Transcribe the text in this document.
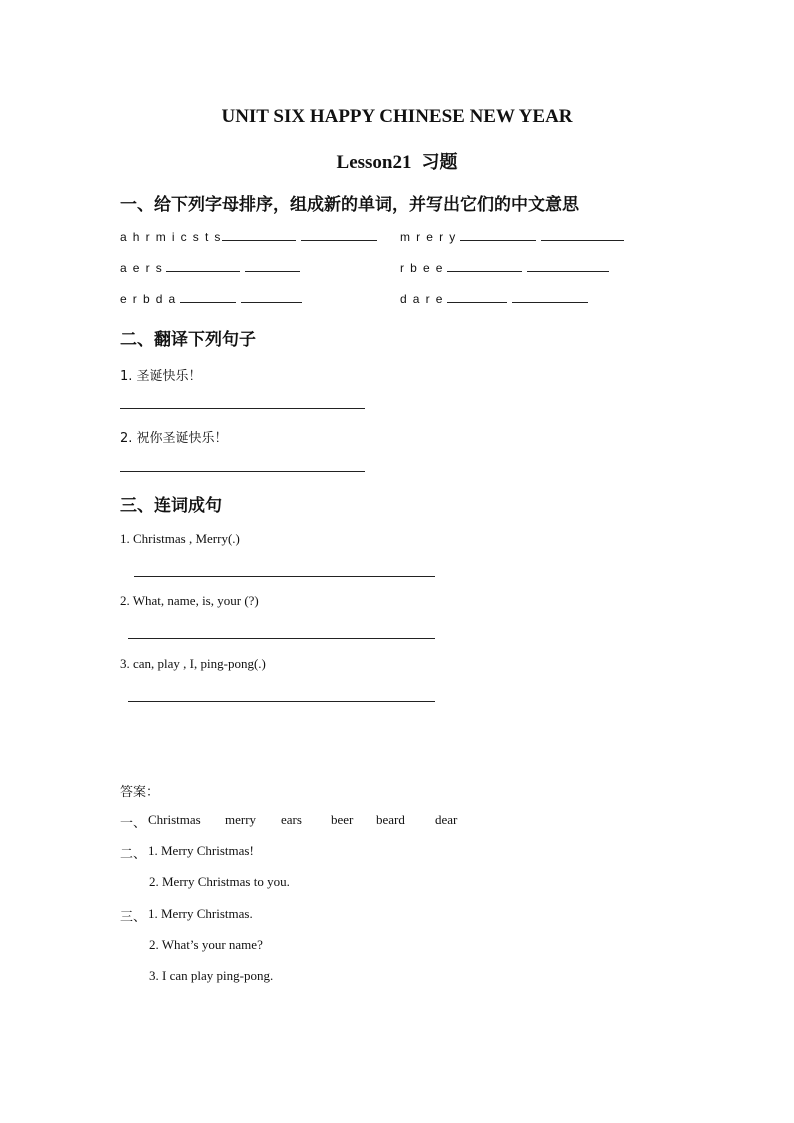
UNIT SIX HAPPY CHINESE NEW YEAR
Lesson21 习题
一、给下列字母排序，组成新的单词，并写出它们的中文意思
a h r m i c s t s	m r e r y
a e r s	r b e e
e r b d a	d a r e
二、翻译下列句子
1. 圣诞快乐！
2. 祝你圣诞快乐！
三、连词成句
1. Christmas , Merry(.)
2. What, name, is, your (?)
3. can, play , I, ping-pong(.)
答案：
一、 Christmas merry ears beer beard dear
二、 1. Merry Christmas!
2. Merry Christmas to you.
三、 1. Merry Christmas.
2. What’s your name?
3. I can play ping-pong.
